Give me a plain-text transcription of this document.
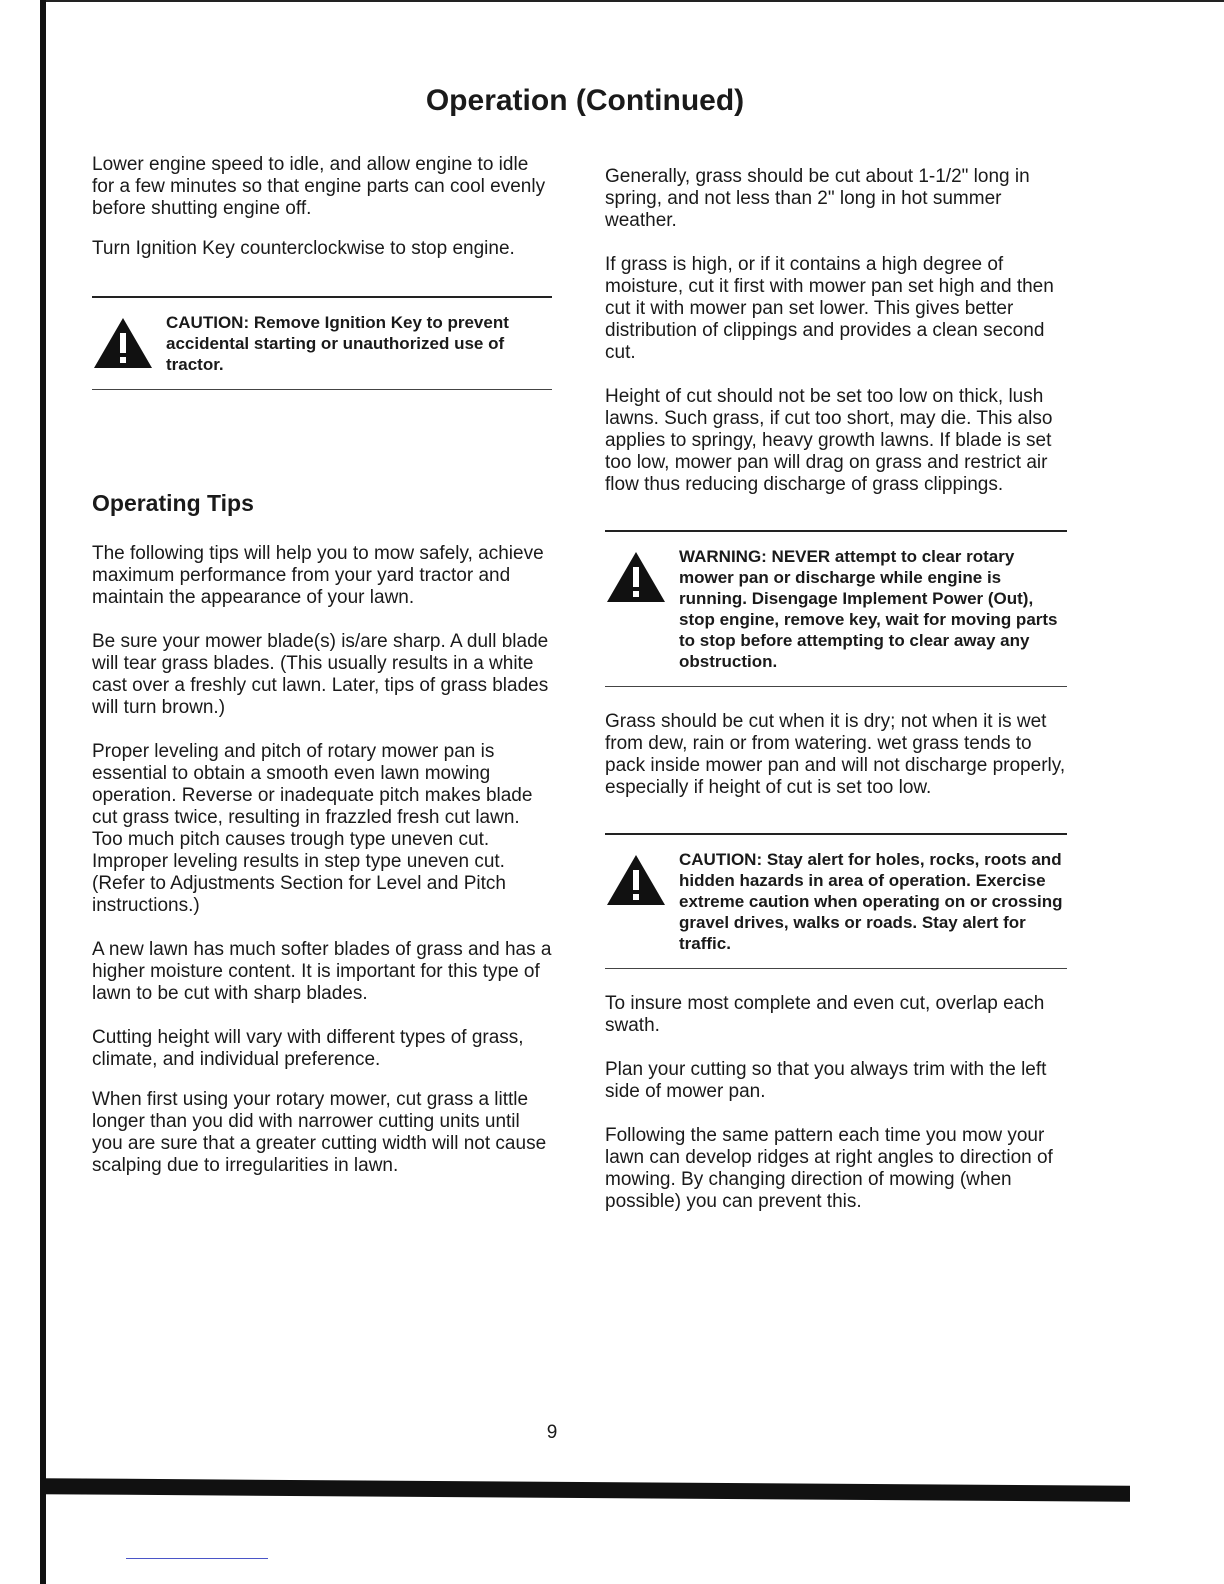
Operation (Continued)

Lower engine speed to idle, and allow engine to idle for a few minutes so that engine parts can cool evenly before shutting engine off.

Turn Ignition Key counterclockwise to stop engine.

CAUTION: Remove Ignition Key to prevent accidental starting or unauthorized use of tractor.
Operating Tips

The following tips will help you to mow safely, achieve maximum performance from your yard tractor and maintain the appearance of your lawn.

Be sure your mower blade(s) is/are sharp. A dull blade will tear grass blades. (This usually results in a white cast over a freshly cut lawn. Later, tips of grass blades will turn brown.)

Proper leveling and pitch of rotary mower pan is essential to obtain a smooth even lawn mowing operation. Reverse or inadequate pitch makes blade cut grass twice, resulting in frazzled fresh cut lawn. Too much pitch causes trough type uneven cut. Improper leveling results in step type uneven cut. (Refer to Adjustments Section for Level and Pitch instructions.)

A new lawn has much softer blades of grass and has a higher moisture content. It is important for this type of lawn to be cut with sharp blades.

Cutting height will vary with different types of grass, climate, and individual preference.

When first using your rotary mower, cut grass a little longer than you did with narrower cutting units until you are sure that a greater cutting width will not cause scalping due to irregularities in lawn.

Generally, grass should be cut about 1-1/2" long in spring, and not less than 2" long in hot summer weather.

If grass is high, or if it contains a high degree of moisture, cut it first with mower pan set high and then cut it with mower pan set lower. This gives better distribution of clippings and provides a clean second cut.

Height of cut should not be set too low on thick, lush lawns. Such grass, if cut too short, may die. This also applies to springy, heavy growth lawns. If blade is set too low, mower pan will drag on grass and restrict air flow thus reducing discharge of grass clippings.

WARNING: NEVER attempt to clear rotary mower pan or discharge while engine is running. Disengage Implement Power (Out), stop engine, remove key, wait for moving parts to stop before attempting to clear away any obstruction.

Grass should be cut when it is dry; not when it is wet from dew, rain or from watering. wet grass tends to pack inside mower pan and will not discharge properly, especially if height of cut is set too low.

CAUTION: Stay alert for holes, rocks, roots and hidden hazards in area of operation. Exercise extreme caution when operating on or crossing gravel drives, walks or roads. Stay alert for traffic.

To insure most complete and even cut, overlap each swath.

Plan your cutting so that you always trim with the left side of mower pan.

Following the same pattern each time you mow your lawn can develop ridges at right angles to direction of mowing. By changing direction of mowing (when possible) you can prevent this.

9
